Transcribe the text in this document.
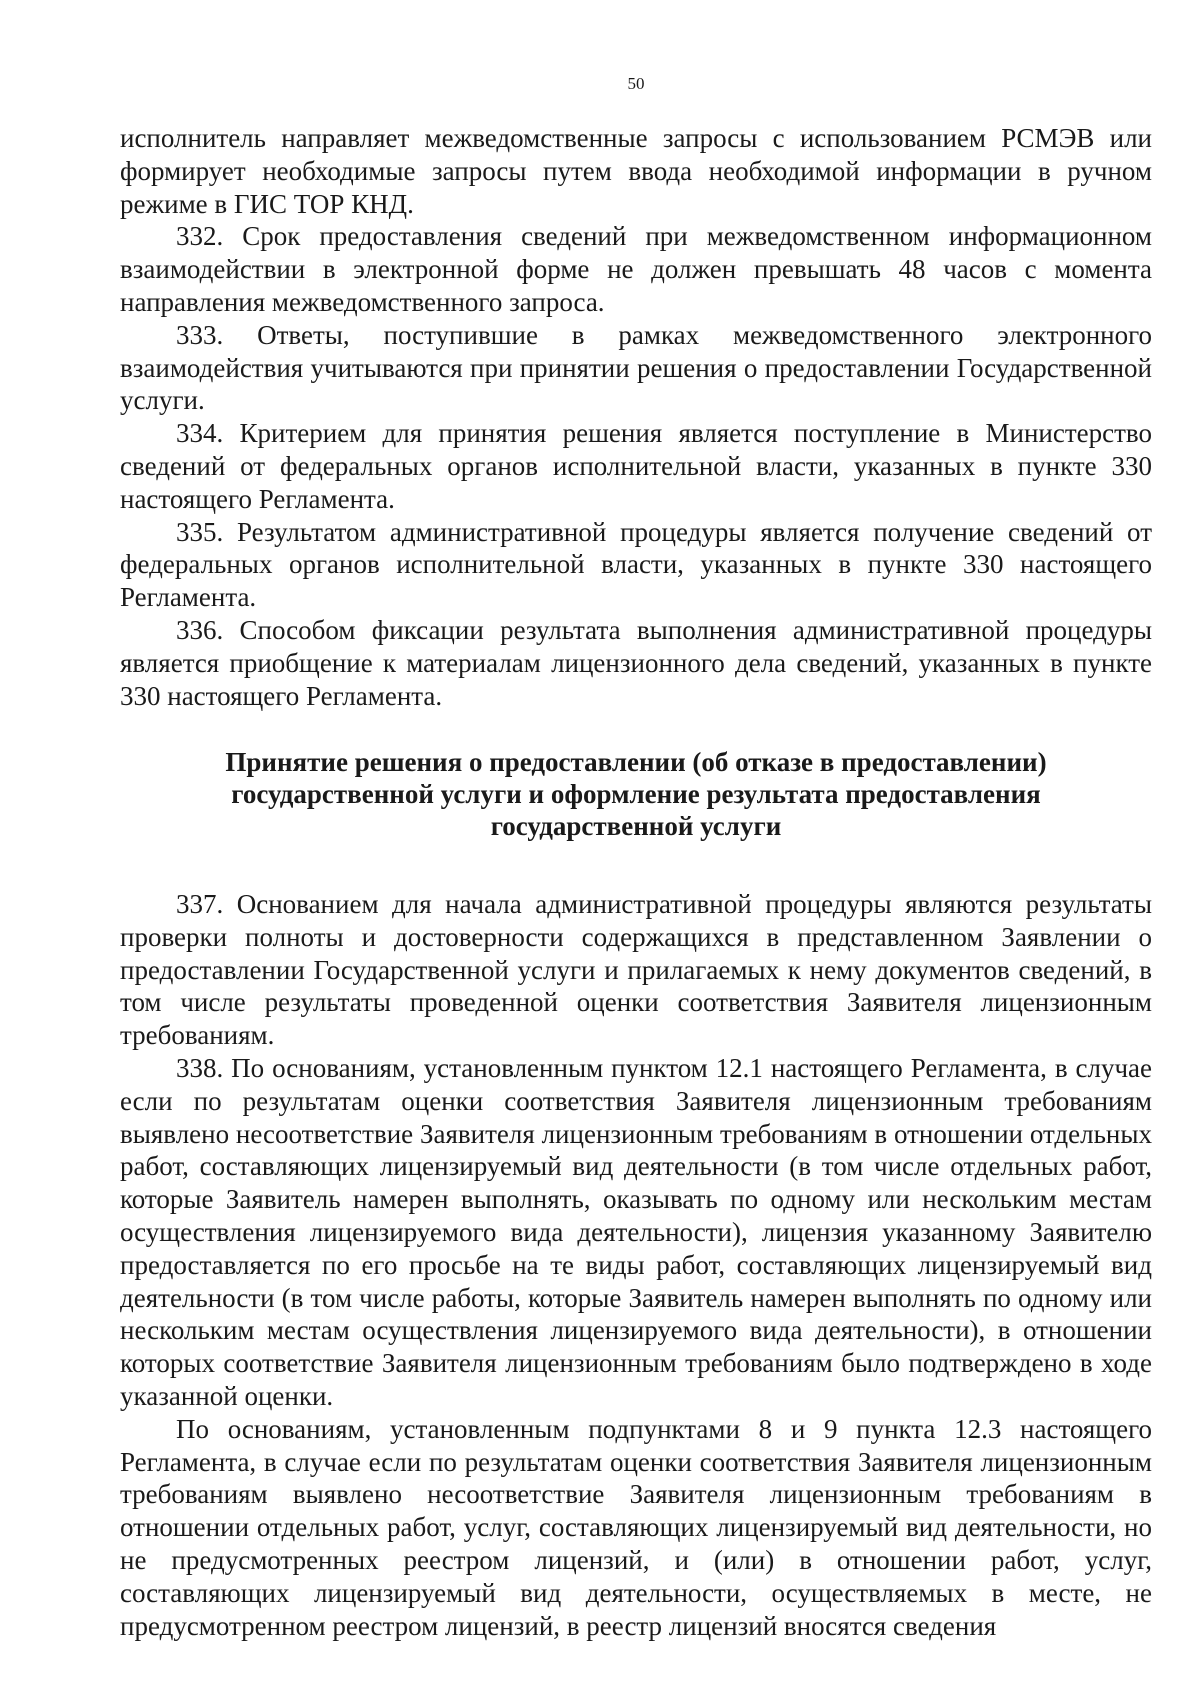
50

исполнитель направляет межведомственные запросы с использованием РСМЭВ или формирует необходимые запросы путем ввода необходимой информации в ручном режиме в ГИС ТОР КНД.

332. Срок предоставления сведений при межведомственном информационном взаимодействии в электронной форме не должен превышать 48 часов с момента направления межведомственного запроса.

333. Ответы, поступившие в рамках межведомственного электронного взаимодействия учитываются при принятии решения о предоставлении Государственной услуги.

334. Критерием для принятия решения является поступление в Министерство сведений от федеральных органов исполнительной власти, указанных в пункте 330 настоящего Регламента.

335. Результатом административной процедуры является получение сведений от федеральных органов исполнительной власти, указанных в пункте 330 настоящего Регламента.

336. Способом фиксации результата выполнения административной процедуры является приобщение к материалам лицензионного дела сведений, указанных в пункте 330 настоящего Регламента.

Принятие решения о предоставлении (об отказе в предоставлении)
государственной услуги и оформление результата предоставления
государственной услуги

337. Основанием для начала административной процедуры являются результаты проверки полноты и достоверности содержащихся в представленном Заявлении о предоставлении Государственной услуги и прилагаемых к нему документов сведений, в том числе результаты проведенной оценки соответствия Заявителя лицензионным требованиям.

338. По основаниям, установленным пунктом 12.1 настоящего Регламента, в случае если по результатам оценки соответствия Заявителя лицензионным требованиям выявлено несоответствие Заявителя лицензионным требованиям в отношении отдельных работ, составляющих лицензируемый вид деятельности (в том числе отдельных работ, которые Заявитель намерен выполнять, оказывать по одному или нескольким местам осуществления лицензируемого вида деятельности), лицензия указанному Заявителю предоставляется по его просьбе на те виды работ, составляющих лицензируемый вид деятельности (в том числе работы, которые Заявитель намерен выполнять по одному или нескольким местам осуществления лицензируемого вида деятельности), в отношении которых соответствие Заявителя лицензионным требованиям было подтверждено в ходе указанной оценки.

По основаниям, установленным подпунктами 8 и 9 пункта 12.3 настоящего Регламента, в случае если по результатам оценки соответствия Заявителя лицензионным требованиям выявлено несоответствие Заявителя лицензионным требованиям в отношении отдельных работ, услуг, составляющих лицензируемый вид деятельности, но не предусмотренных реестром лицензий, и (или) в отношении работ, услуг, составляющих лицензируемый вид деятельности, осуществляемых в месте, не предусмотренном реестром лицензий, в реестр лицензий вносятся сведения
